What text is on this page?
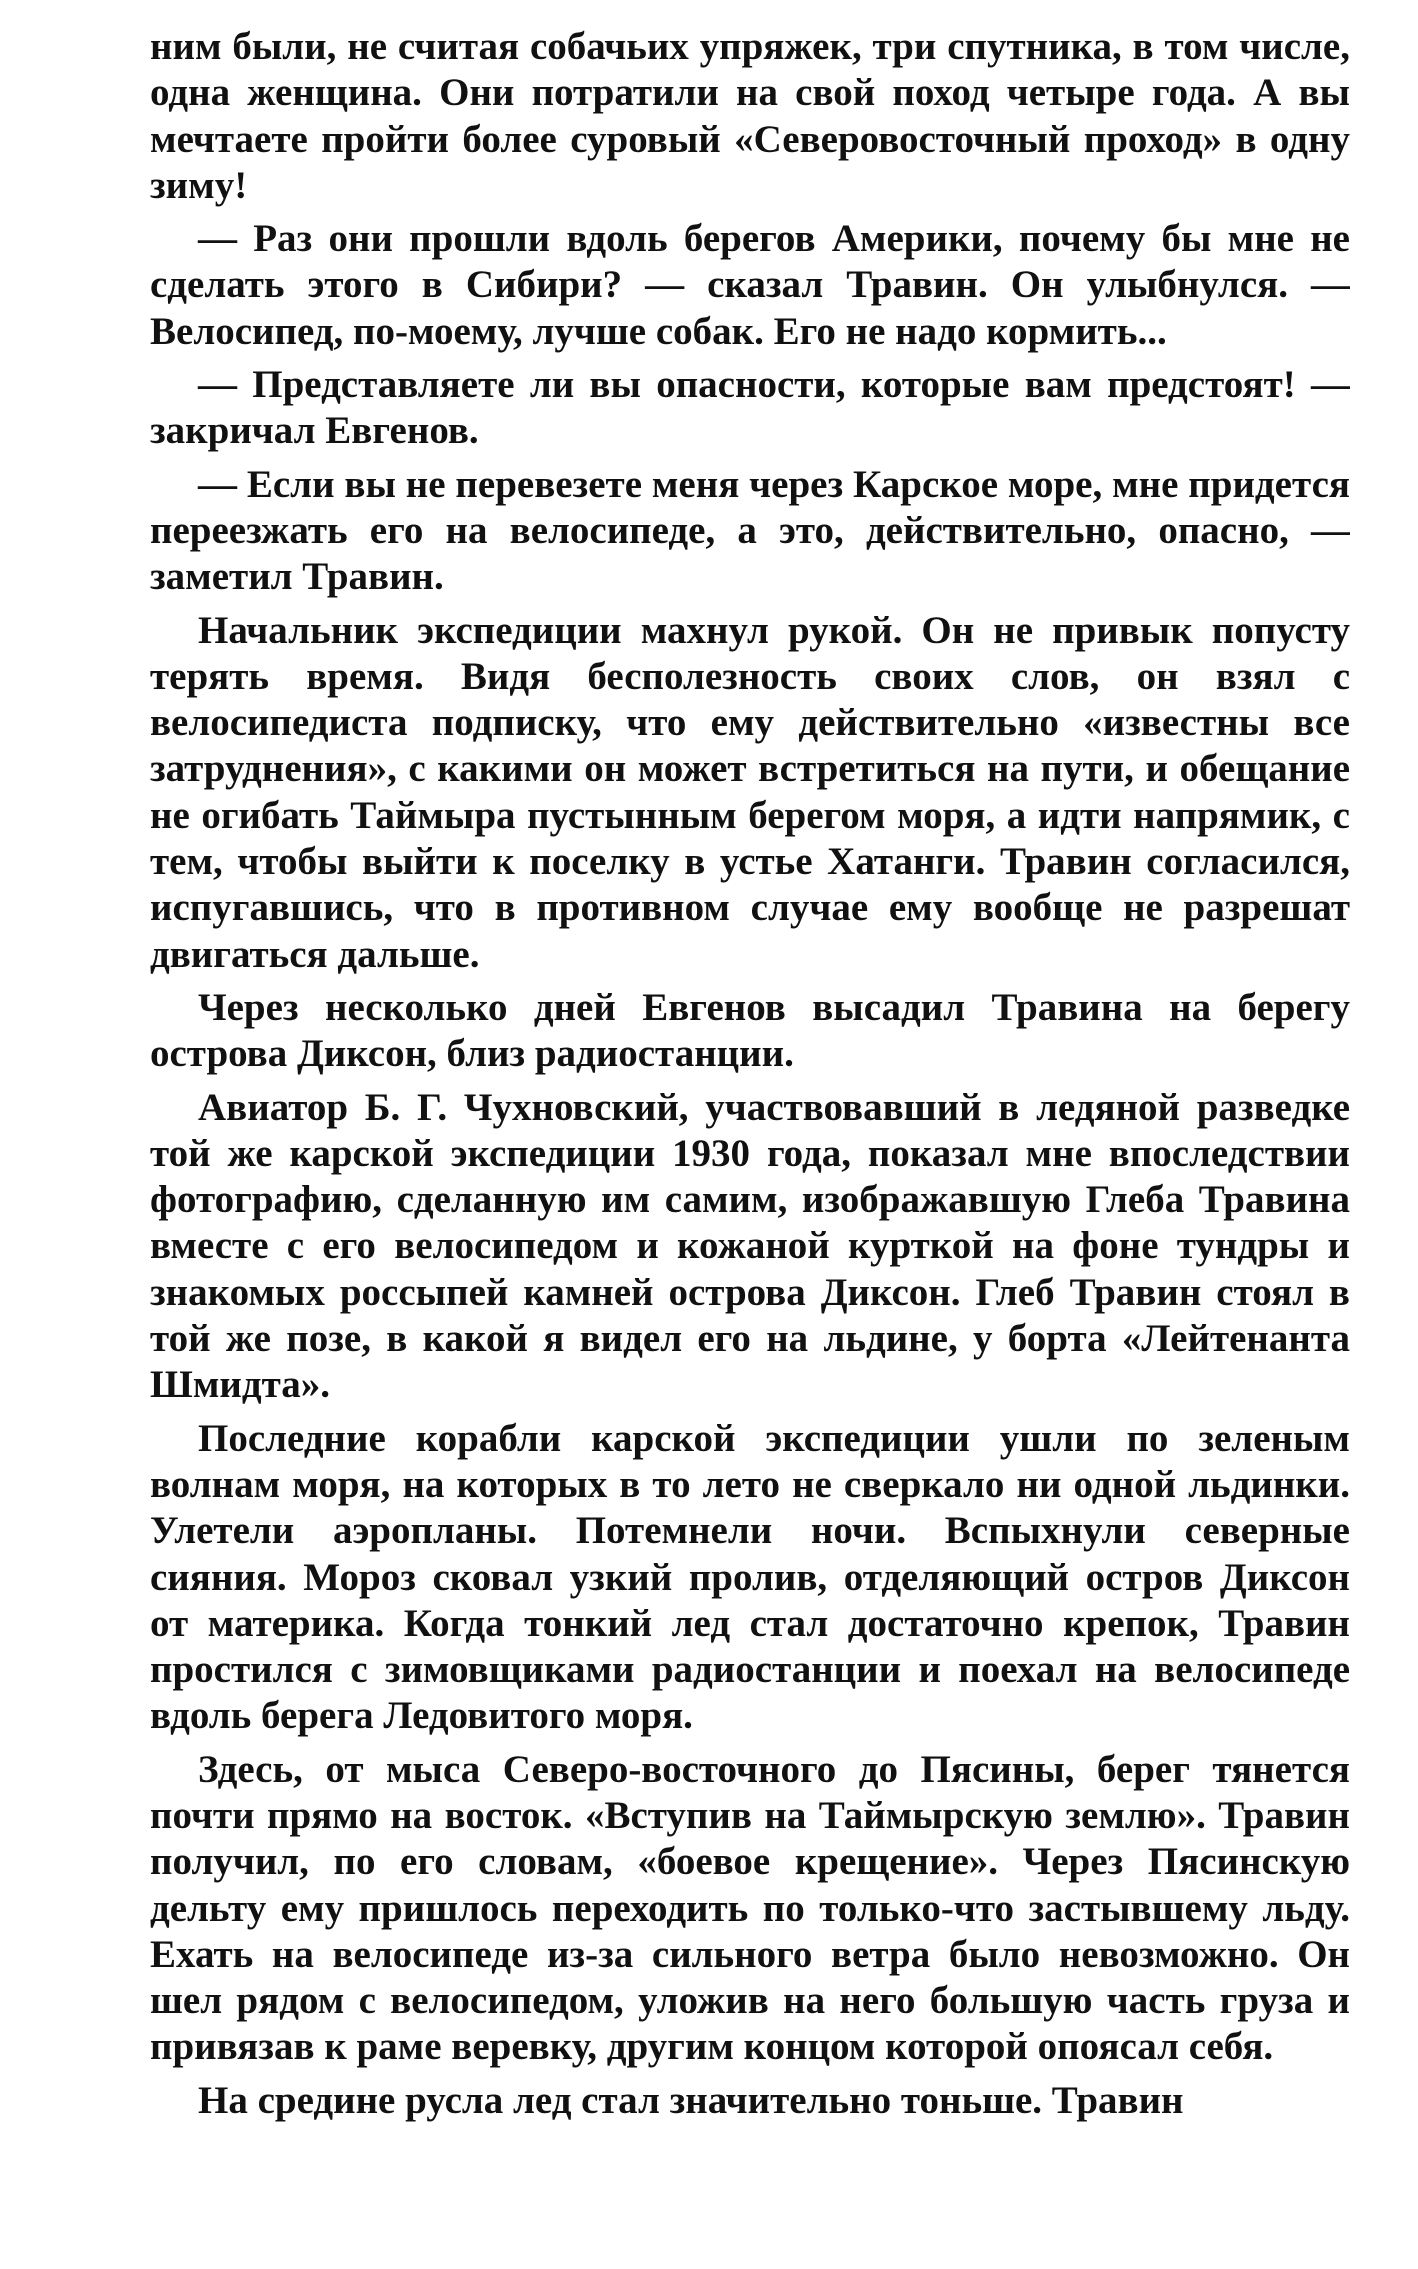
ним были, не считая собачьих упряжек, три спутника, в том числе, одна женщина. Они потратили на свой поход четыре года. А вы мечтаете пройти более суровый «Северовосточный проход» в одну зиму!

— Раз они прошли вдоль берегов Америки, почему бы мне не сделать этого в Сибири? — сказал Травин. Он улыбнулся. — Велосипед, по-моему, лучше собак. Его не надо кормить...

— Представляете ли вы опасности, которые вам предстоят! — закричал Евгенов.

— Если вы не перевезете меня через Карское море, мне придется переезжать его на велосипеде, а это, действительно, опасно, — заметил Травин.

Начальник экспедиции махнул рукой. Он не привык попусту терять время. Видя бесполезность своих слов, он взял с велосипедиста подписку, что ему действительно «известны все затруднения», с какими он может встретиться на пути, и обещание не огибать Таймыра пустынным берегом моря, а идти напрямик, с тем, чтобы выйти к поселку в устье Хатанги. Травин согласился, испугавшись, что в противном случае ему вообще не разрешат двигаться дальше.

Через несколько дней Евгенов высадил Травина на берегу острова Диксон, близ радиостанции.

Авиатор Б. Г. Чухновский, участвовавший в ледяной разведке той же карской экспедиции 1930 года, показал мне впоследствии фотографию, сделанную им самим, изображавшую Глеба Травина вместе с его велосипедом и кожаной курткой на фоне тундры и знакомых россыпей камней острова Диксон. Глеб Травин стоял в той же позе, в какой я видел его на льдине, у борта «Лейтенанта Шмидта».

Последние корабли карской экспедиции ушли по зеленым волнам моря, на которых в то лето не сверкало ни одной льдинки. Улетели аэропланы. Потемнели ночи. Вспыхнули северные сияния. Мороз сковал узкий пролив, отделяющий остров Диксон от материка. Когда тонкий лед стал достаточно крепок, Травин простился с зимовщиками радиостанции и поехал на велосипеде вдоль берега Ледовитого моря.

Здесь, от мыса Северо-восточного до Пясины, берег тянется почти прямо на восток. «Вступив на Таймырскую землю». Травин получил, по его словам, «боевое крещение». Через Пясинскую дельту ему пришлось переходить по только-что застывшему льду. Ехать на велосипеде из-за сильного ветра было невозможно. Он шел рядом с велосипедом, уложив на него большую часть груза и привязав к раме веревку, другим концом которой опоясал себя.

На средине русла лед стал значительно тоньше. Травин
